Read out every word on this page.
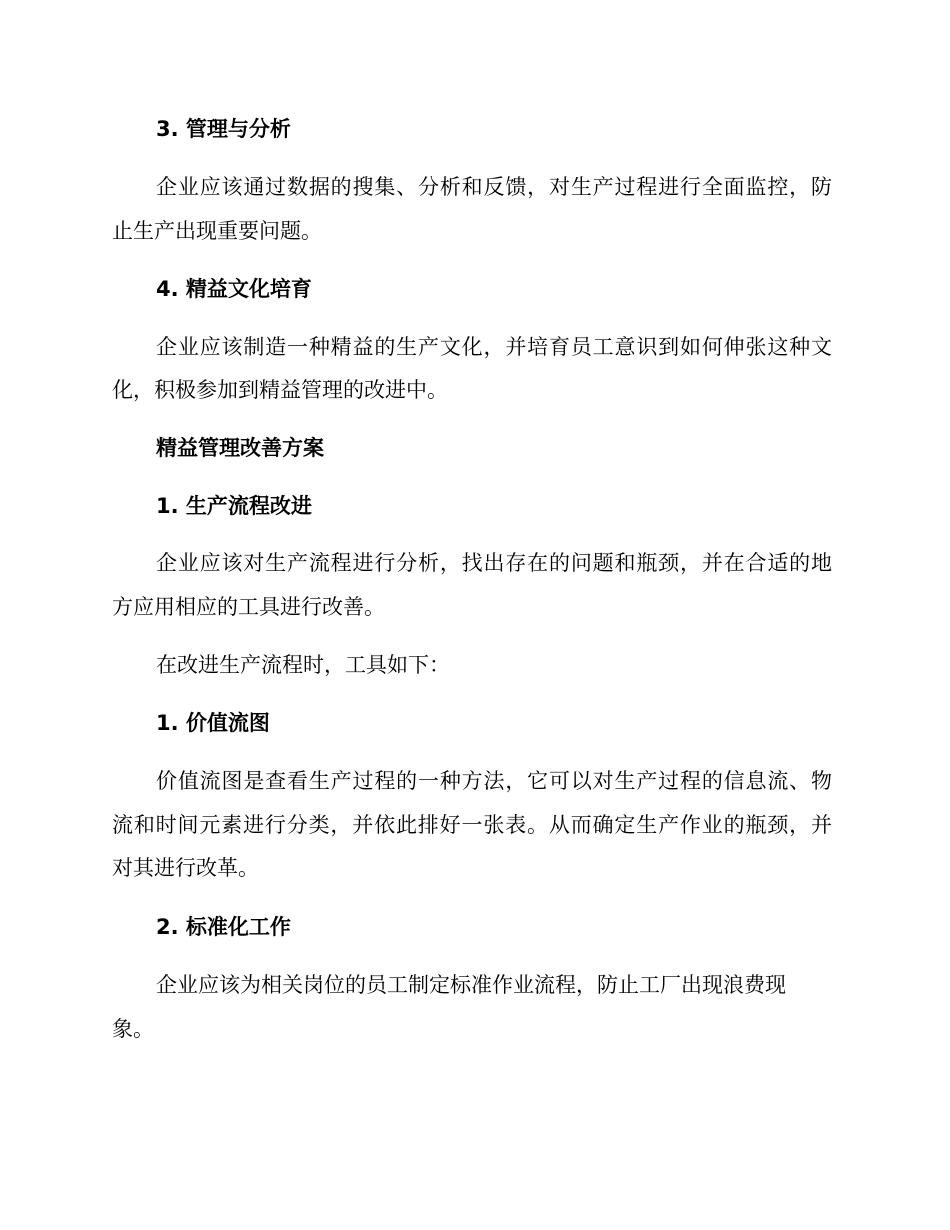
3. 管理与分析

企业应该通过数据的搜集、分析和反馈，对生产过程进行全面监控，防

止生产出现重要问题。

4. 精益文化培育

企业应该制造一种精益的生产文化，并培育员工意识到如何伸张这种文

化，积极参加到精益管理的改进中。

精益管理改善方案

1. 生产流程改进

企业应该对生产流程进行分析，找出存在的问题和瓶颈，并在合适的地

方应用相应的工具进行改善。

在改进生产流程时，工具如下：

1. 价值流图

价值流图是查看生产过程的一种方法，它可以对生产过程的信息流、物

流和时间元素进行分类，并依此排好一张表。从而确定生产作业的瓶颈，并

对其进行改革。

2. 标准化工作

企业应该为相关岗位的员工制定标准作业流程，防止工厂出现浪费现

象。
